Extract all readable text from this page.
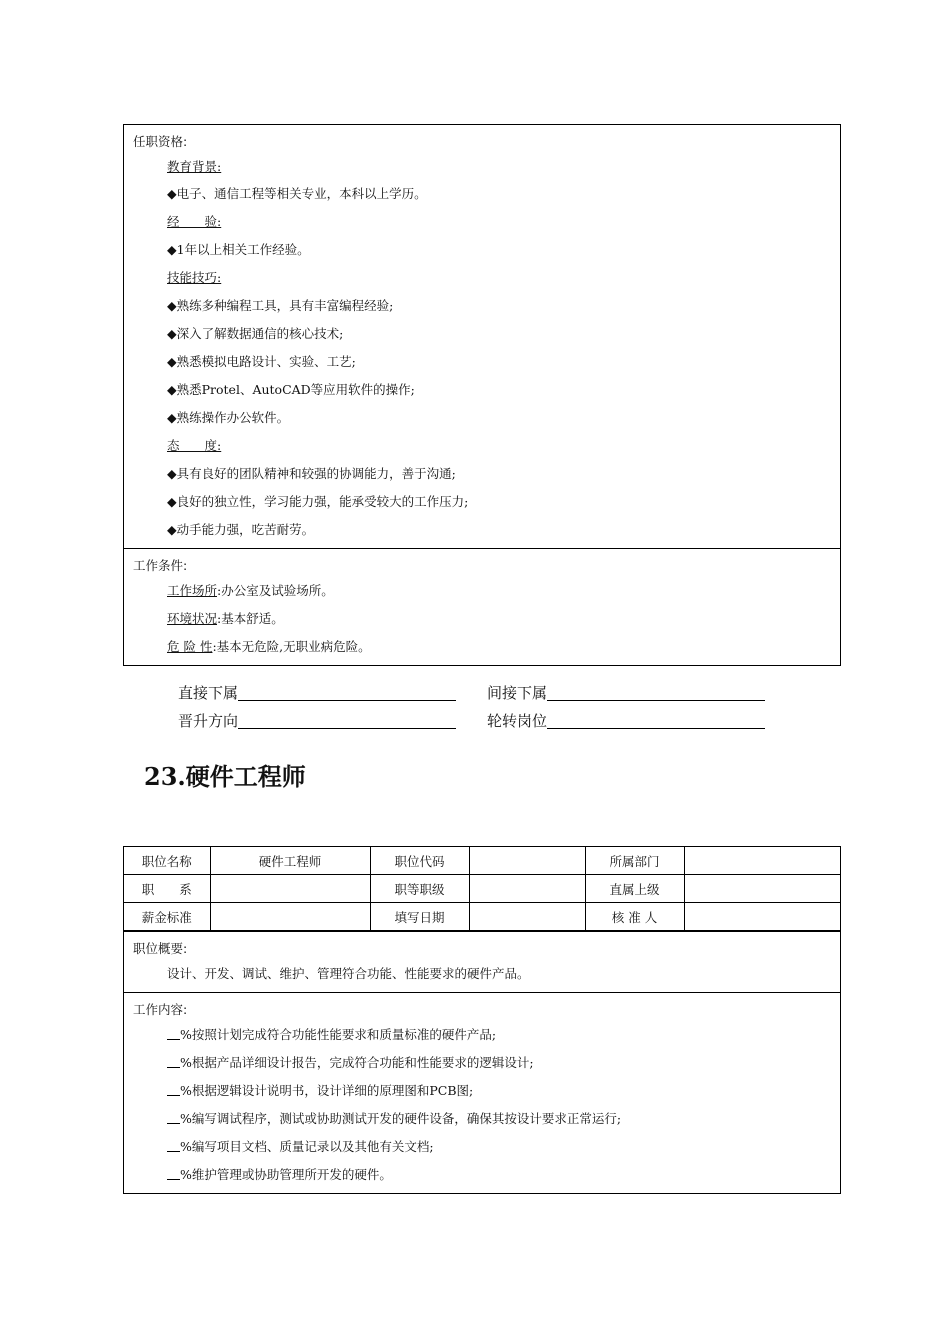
任职资格:
教育背景:
◆电子、通信工程等相关专业，本科以上学历。
经　　验:
◆1年以上相关工作经验。
技能技巧:
◆熟练多种编程工具，具有丰富编程经验;
◆深入了解数据通信的核心技术;
◆熟悉模拟电路设计、实验、工艺;
◆熟悉Protel、AutoCAD等应用软件的操作;
◆熟练操作办公软件。
态　　度:
◆具有良好的团队精神和较强的协调能力，善于沟通;
◆良好的独立性，学习能力强，能承受较大的工作压力;
◆动手能力强，吃苦耐劳。
工作条件:
工作场所:办公室及试验场所。
环境状况:基本舒适。
危 险 性:基本无危险,无职业病危险。
直接下属	间接下属
晋升方向	轮转岗位
23.硬件工程师
职位名称	硬件工程师	职位代码		所属部门	
职　　系		职等职级		直属上级	
薪金标准		填写日期		核 准 人	
职位概要:
设计、开发、调试、维护、管理符合功能、性能要求的硬件产品。
工作内容:
%按照计划完成符合功能性能要求和质量标准的硬件产品;
%根据产品详细设计报告，完成符合功能和性能要求的逻辑设计;
%根据逻辑设计说明书，设计详细的原理图和PCB图;
%编写调试程序，测试或协助测试开发的硬件设备，确保其按设计要求正常运行;
%编写项目文档、质量记录以及其他有关文档;
%维护管理或协助管理所开发的硬件。
